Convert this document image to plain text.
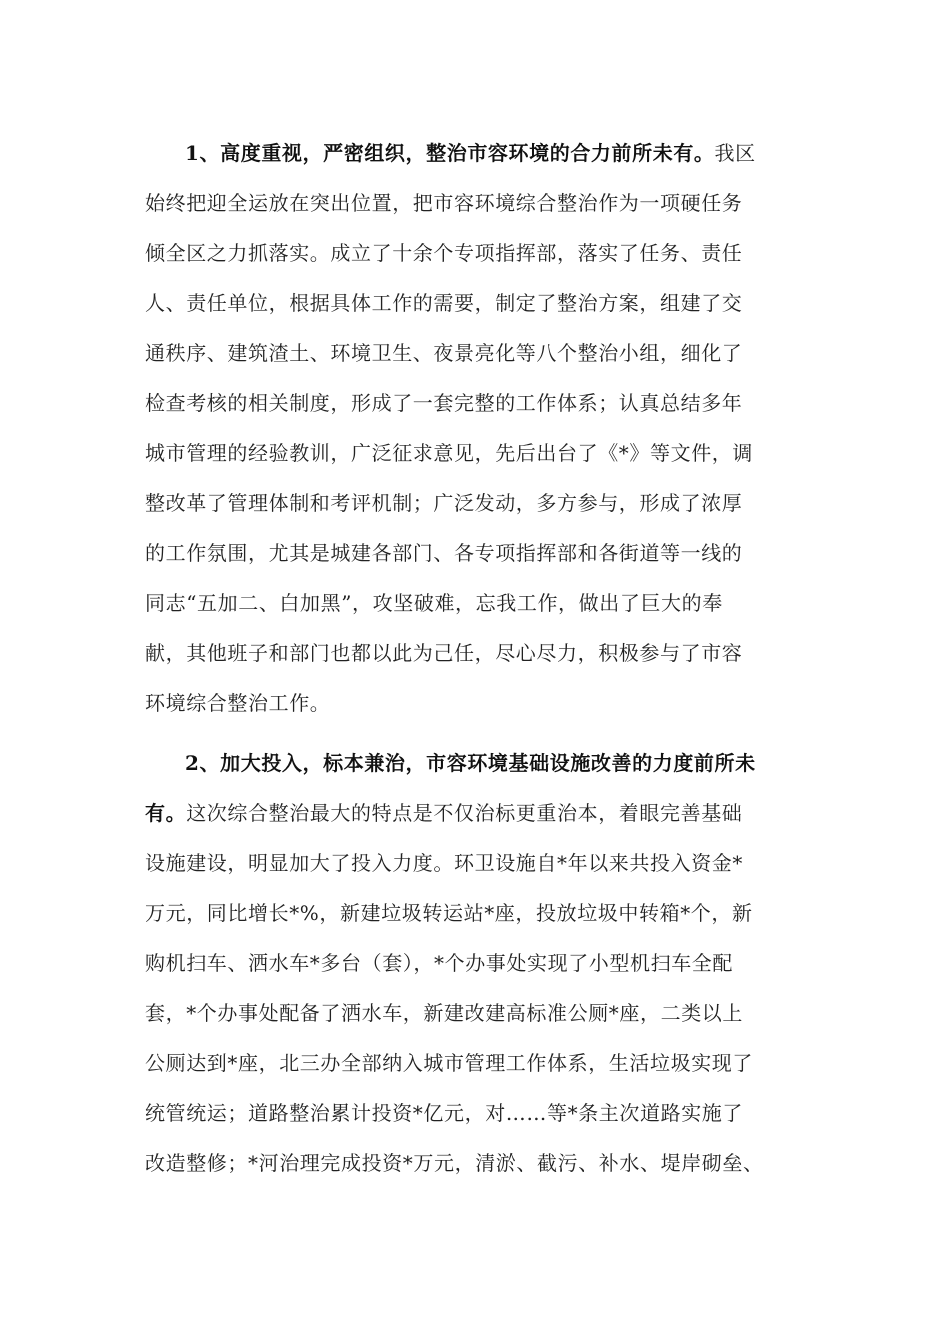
1、高度重视，严密组织，整治市容环境的合力前所未有。我区
始终把迎全运放在突出位置，把市容环境综合整治作为一项硬任务
倾全区之力抓落实。成立了十余个专项指挥部，落实了任务、责任
人、责任单位，根据具体工作的需要，制定了整治方案，组建了交
通秩序、建筑渣土、环境卫生、夜景亮化等八个整治小组，细化了
检查考核的相关制度，形成了一套完整的工作体系；认真总结多年
城市管理的经验教训，广泛征求意见，先后出台了《*》等文件，调
整改革了管理体制和考评机制；广泛发动，多方参与，形成了浓厚
的工作氛围，尤其是城建各部门、各专项指挥部和各街道等一线的
同志“五加二、白加黑”，攻坚破难，忘我工作，做出了巨大的奉
献，其他班子和部门也都以此为己任，尽心尽力，积极参与了市容
环境综合整治工作。
2、加大投入，标本兼治，市容环境基础设施改善的力度前所未
有。这次综合整治最大的特点是不仅治标更重治本，着眼完善基础
设施建设，明显加大了投入力度。环卫设施自*年以来共投入资金*
万元，同比增长*%，新建垃圾转运站*座，投放垃圾中转箱*个，新
购机扫车、洒水车*多台（套），*个办事处实现了小型机扫车全配
套，*个办事处配备了洒水车，新建改建高标准公厕*座，二类以上
公厕达到*座，北三办全部纳入城市管理工作体系，生活垃圾实现了
统管统运；道路整治累计投资*亿元，对……等*条主次道路实施了
改造整修；*河治理完成投资*万元，清淤、截污、补水、堤岸砌垒、
